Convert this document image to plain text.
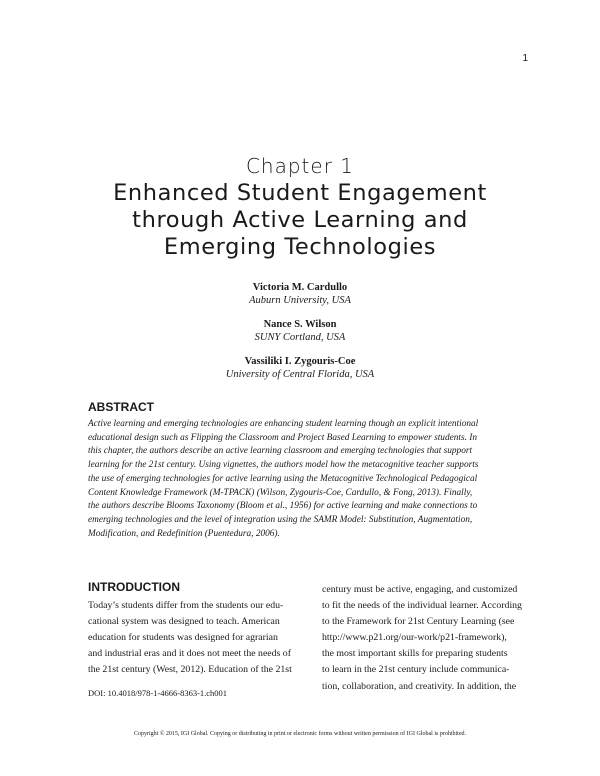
1
Chapter 1
Enhanced Student Engagement
through Active Learning and
Emerging Technologies
Victoria M. Cardullo
Auburn University, USA
Nance S. Wilson
SUNY Cortland, USA
Vassiliki I. Zygouris-Coe
University of Central Florida, USA
ABSTRACT
Active learning and emerging technologies are enhancing student learning though an explicit intentional
educational design such as Flipping the Classroom and Project Based Learning to empower students. In
this chapter, the authors describe an active learning classroom and emerging technologies that support
learning for the 21st century. Using vignettes, the authors model how the metacognitive teacher supports
the use of emerging technologies for active learning using the Metacognitive Technological Pedagogical
Content Knowledge Framework (M-TPACK) (Wilson, Zygouris-Coe, Cardullo, & Fong, 2013). Finally,
the authors describe Blooms Taxonomy (Bloom et al., 1956) for active learning and make connections to
emerging technologies and the level of integration using the SAMR Model: Substitution, Augmentation,
Modification, and Redefinition (Puentedura, 2006).
INTRODUCTION
Today’s students differ from the students our edu-
cational system was designed to teach. American
education for students was designed for agrarian
and industrial eras and it does not meet the needs of
the 21st century (West, 2012). Education of the 21st
century must be active, engaging, and customized
to fit the needs of the individual learner. According
to the Framework for 21st Century Learning (see
http://www.p21.org/our-work/p21-framework),
the most important skills for preparing students
to learn in the 21st century include communica-
tion, collaboration, and creativity. In addition, the
DOI: 10.4018/978-1-4666-8363-1.ch001
Copyright © 2015, IGI Global. Copying or distributing in print or electronic forms without written permission of IGI Global is prohibited.
